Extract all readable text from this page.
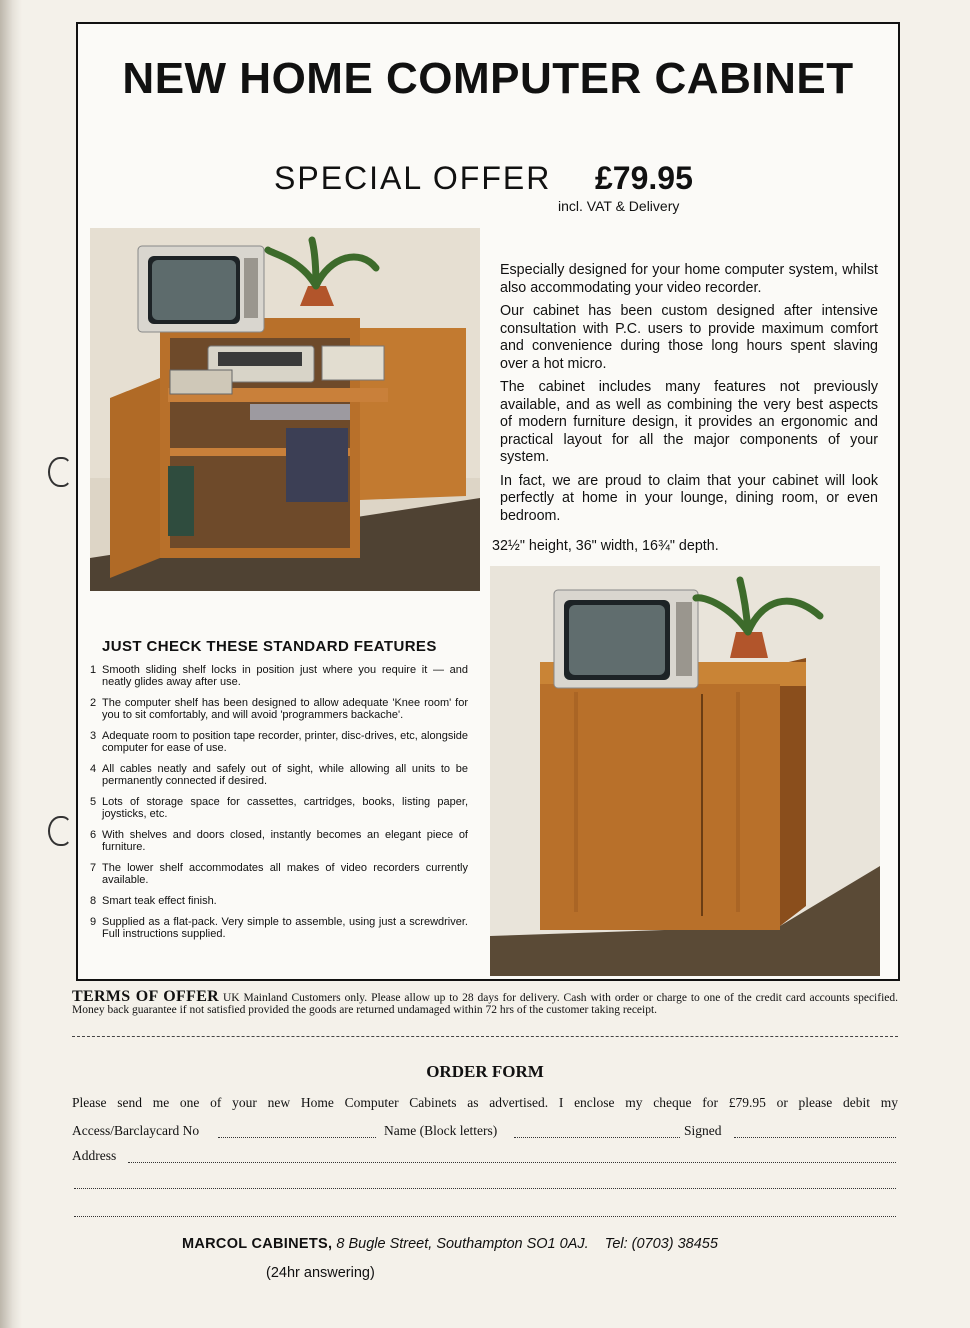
NEW HOME COMPUTER CABINET
SPECIAL OFFER £79.95
incl. VAT & Delivery

Especially designed for your home computer system, whilst also accommodating your video recorder.

Our cabinet has been custom designed after intensive consultation with P.C. users to provide maximum comfort and convenience during those long hours spent slaving over a hot micro.

The cabinet includes many features not previously available, and as well as combining the very best aspects of modern furniture design, it provides an ergonomic and practical layout for all the major components of your system.

In fact, we are proud to claim that your cabinet will look perfectly at home in your lounge, dining room, or even bedroom.

32½" height, 36" width, 16¾" depth.
JUST CHECK THESE STANDARD FEATURES
1 Smooth sliding shelf locks in position just where you require it — and neatly glides away after use.
2 The computer shelf has been designed to allow adequate 'Knee room' for you to sit comfortably, and will avoid 'programmers backache'.
3 Adequate room to position tape recorder, printer, disc-drives, etc, alongside computer for ease of use.
4 All cables neatly and safely out of sight, while allowing all units to be permanently connected if desired.
5 Lots of storage space for cassettes, cartridges, books, listing paper, joysticks, etc.
6 With shelves and doors closed, instantly becomes an elegant piece of furniture.
7 The lower shelf accommodates all makes of video recorders currently available.
8 Smart teak effect finish.
9 Supplied as a flat-pack. Very simple to assemble, using just a screwdriver. Full instructions supplied.
TERMS OF OFFER UK Mainland Customers only. Please allow up to 28 days for delivery. Cash with order or charge to one of the credit card accounts specified. Money back guarantee if not satisfied provided the goods are returned undamaged within 72 hrs of the customer taking receipt.
ORDER FORM
Please send me one of your new Home Computer Cabinets as advertised. I enclose my cheque for £79.95 or please debit my
Access/Barclaycard No	Name (Block letters)	Signed
Address
MARCOL CABINETS, 8 Bugle Street, Southampton SO1 0AJ. Tel: (0703) 38455
(24hr answering)
